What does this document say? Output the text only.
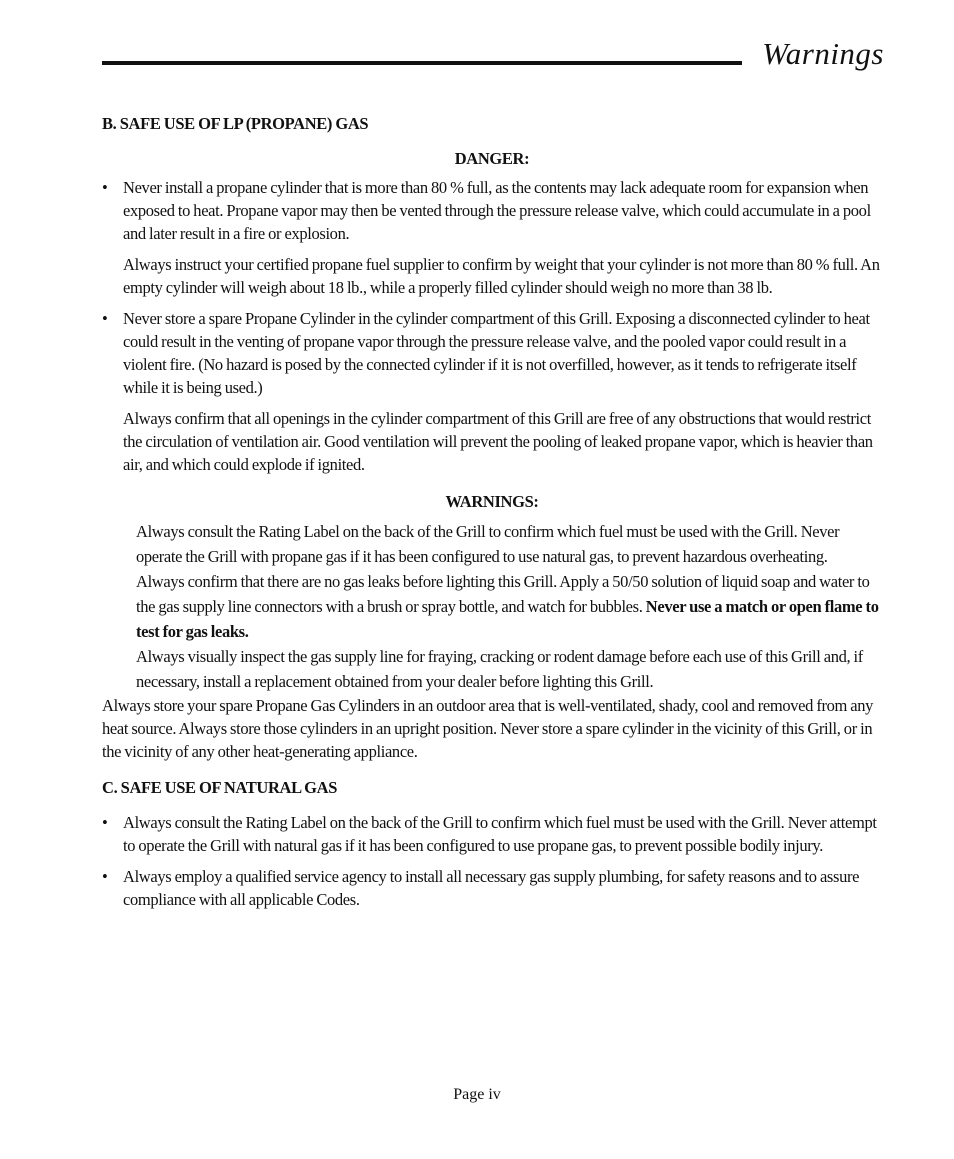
Warnings
B. SAFE USE OF LP (PROPANE) GAS
DANGER:
• Never install a propane cylinder that is more than 80 % full, as the contents may lack adequate room for expansion when exposed to heat. Propane vapor may then be vented through the pressure release valve, which could accumulate in a pool and later result in a fire or explosion.
Always instruct your certified propane fuel supplier to confirm by weight that your cylinder is not more than 80 % full. An empty cylinder will weigh about 18 lb., while a properly filled cylinder should weigh no more than 38 lb.
• Never store a spare Propane Cylinder in the cylinder compartment of this Grill. Exposing a disconnected cylinder to heat could result in the venting of propane vapor through the pressure release valve, and the pooled vapor could result in a violent fire. (No hazard is posed by the connected cylinder if it is not overfilled, however, as it tends to refrigerate itself while it is being used.)
Always confirm that all openings in the cylinder compartment of this Grill are free of any obstructions that would restrict the circulation of ventilation air. Good ventilation will prevent the pooling of leaked propane vapor, which is heavier than air, and which could explode if ignited.
WARNINGS:
Always consult the Rating Label on the back of the Grill to confirm which fuel must be used with the Grill. Never operate the Grill with propane gas if it has been configured to use natural gas, to prevent hazardous overheating.
Always confirm that there are no gas leaks before lighting this Grill. Apply a 50/50 solution of liquid soap and water to the gas supply line connectors with a brush or spray bottle, and watch for bubbles. Never use a match or open flame to test for gas leaks.
Always visually inspect the gas supply line for fraying, cracking or rodent damage before each use of this Grill and, if necessary, install a replacement obtained from your dealer before lighting this Grill.
Always store your spare Propane Gas Cylinders in an outdoor area that is well-ventilated, shady, cool and removed from any heat source. Always store those cylinders in an upright position. Never store a spare cylinder in the vicinity of this Grill, or in the vicinity of any other heat-generating appliance.
C. SAFE USE OF NATURAL GAS
• Always consult the Rating Label on the back of the Grill to confirm which fuel must be used with the Grill. Never attempt to operate the Grill with natural gas if it has been configured to use propane gas, to prevent possible bodily injury.
• Always employ a qualified service agency to install all necessary gas supply plumbing, for safety reasons and to assure compliance with all applicable Codes.
Page iv
